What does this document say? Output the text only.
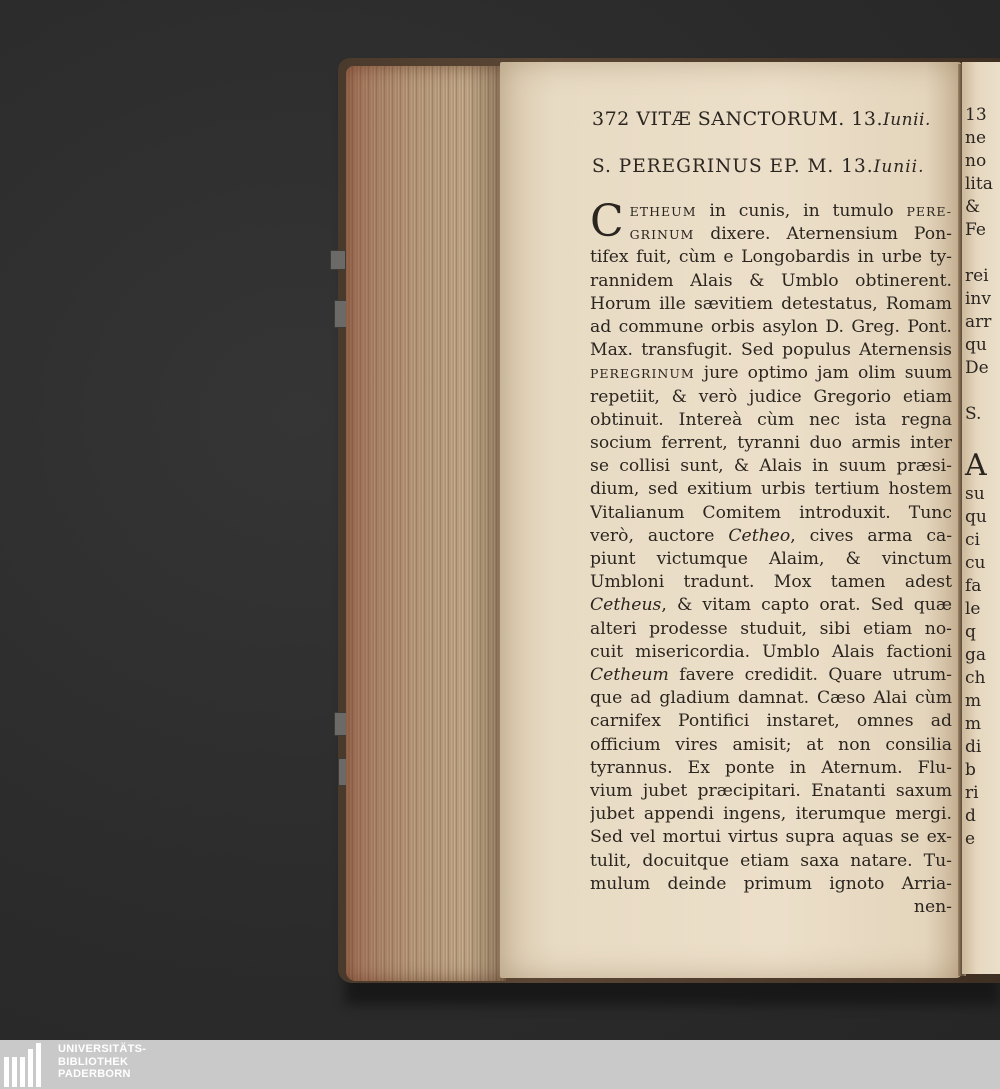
372 VITÆ SANCTORUM. 13.Iunii.
S. PEREGRINUS EP. M. 13.Iunii.
C ETHEUM in cunis, in tumulo PERE-
GRINUM dixere. Aternensium Pon-
tifex fuit, cùm e Longobardis in urbe ty-
rannidem Alais & Umblo obtinerent.
Horum ille sævitiem detestatus, Romam
ad commune orbis asylon D. Greg. Pont.
Max. transfugit. Sed populus Aternensis
PEREGRINUM jure optimo jam olim suum
repetiit, & verò judice Gregorio etiam
obtinuit. Intereà cùm nec ista regna
socium ferrent, tyranni duo armis inter
se collisi sunt, & Alais in suum præsi-
dium, sed exitium urbis tertium hostem
Vitalianum Comitem introduxit. Tunc
verò, auctore Cetheo, cives arma ca-
piunt victumque Alaim, & vinctum
Umbloni tradunt. Mox tamen adest
Cetheus, & vitam capto orat. Sed quæ
alteri prodesse studuit, sibi etiam no-
cuit misericordia. Umblo Alais factioni
Cetheum favere credidit. Quare utrum-
que ad gladium damnat. Cæso Alai cùm
carnifex Pontifici instaret, omnes ad
officium vires amisit; at non consilia
tyrannus. Ex ponte in Aternum. Flu-
vium jubet præcipitari. Enatanti saxum
jubet appendi ingens, iterumque mergi.
Sed vel mortui virtus supra aquas se ex-
tulit, docuitque etiam saxa natare. Tu-
mulum deinde primum ignoto Arria-
nen-
13
ne
no
lita
&
Fe

rei
inv
arr
qu
De

S.

A
su
qu
ci
cu
fa
le
q
ga
ch
m
m
di
b
ri
d
e
UNIVERSITÄTS-
BIBLIOTHEK
PADERBORN
